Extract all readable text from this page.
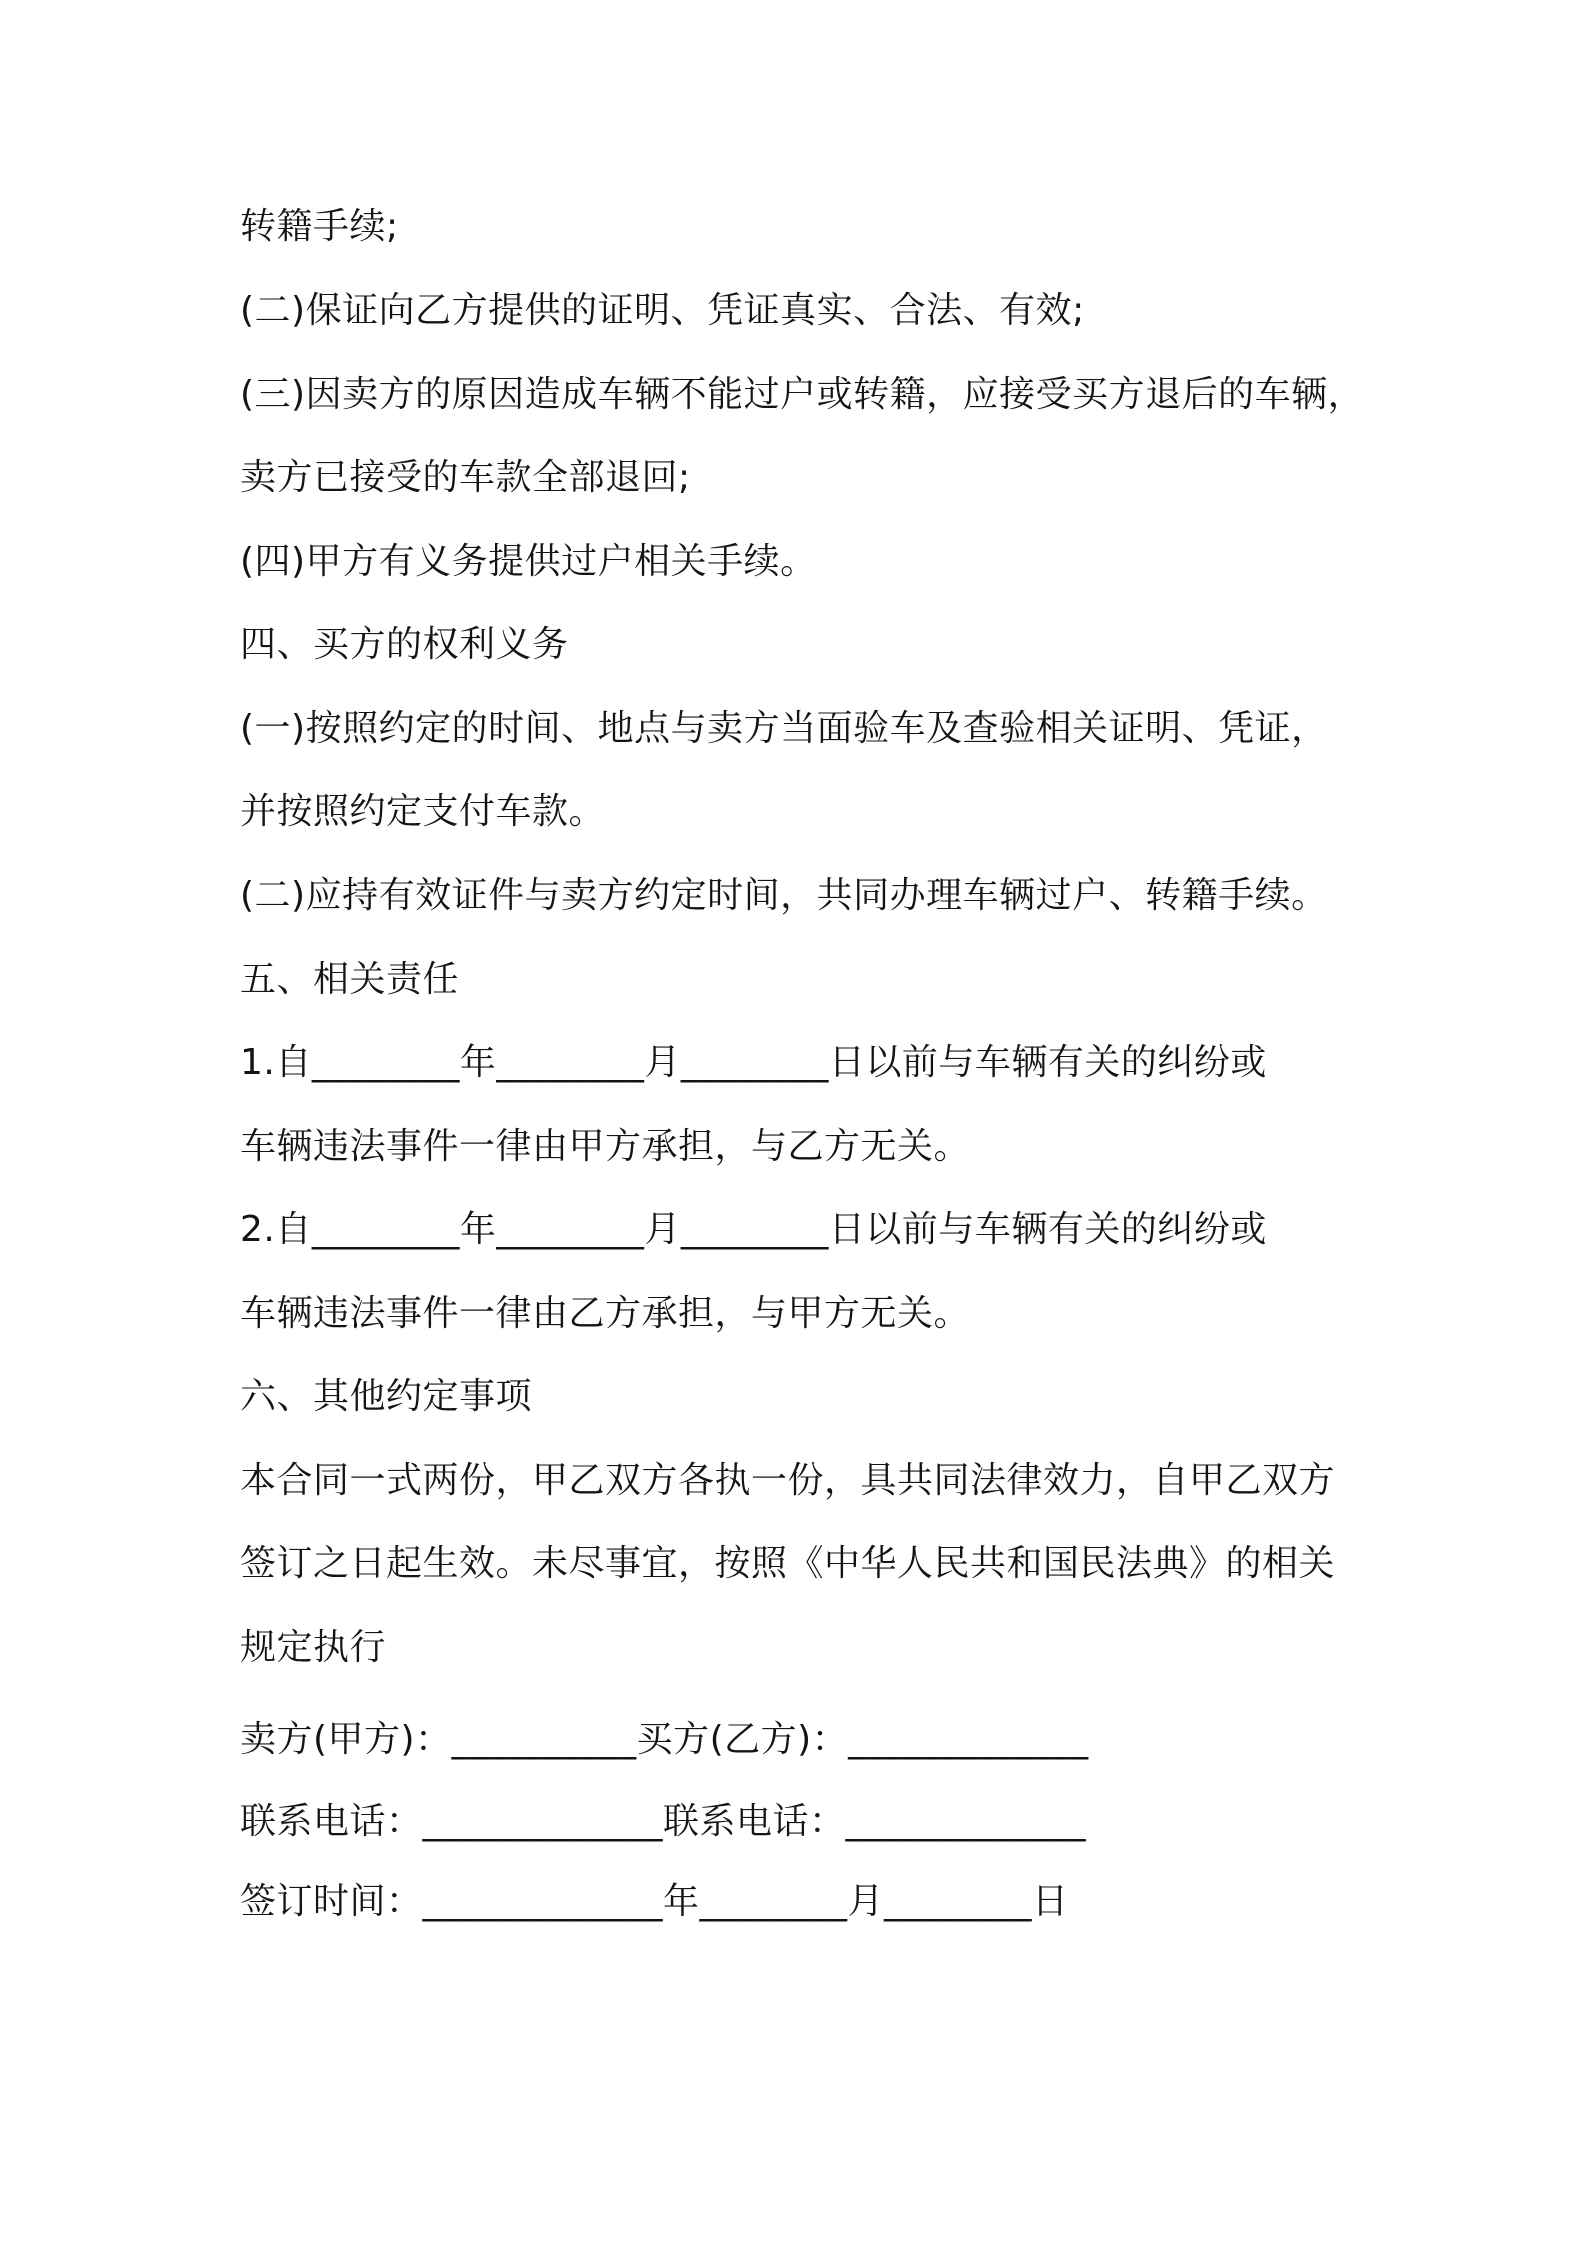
转籍手续;

(二)保证向乙方提供的证明、凭证真实、合法、有效;

(三)因卖方的原因造成车辆不能过户或转籍，应接受买方退后的车辆，

卖方已接受的车款全部退回;

(四)甲方有义务提供过户相关手续。

四、买方的权利义务

(一)按照约定的时间、地点与卖方当面验车及查验相关证明、凭证，

并按照约定支付车款。

(二)应持有效证件与卖方约定时间，共同办理车辆过户、转籍手续。

五、相关责任

1.自________年________月________日以前与车辆有关的纠纷或

车辆违法事件一律由甲方承担，与乙方无关。

2.自________年________月________日以前与车辆有关的纠纷或

车辆违法事件一律由乙方承担，与甲方无关。

六、其他约定事项

本合同一式两份，甲乙双方各执一份，具共同法律效力，自甲乙双方

签订之日起生效。未尽事宜，按照《中华人民共和国民法典》的相关

规定执行

卖方(甲方)：__________买方(乙方)：_____________

联系电话：_____________联系电话：_____________

签订时间：_____________年________月________日
